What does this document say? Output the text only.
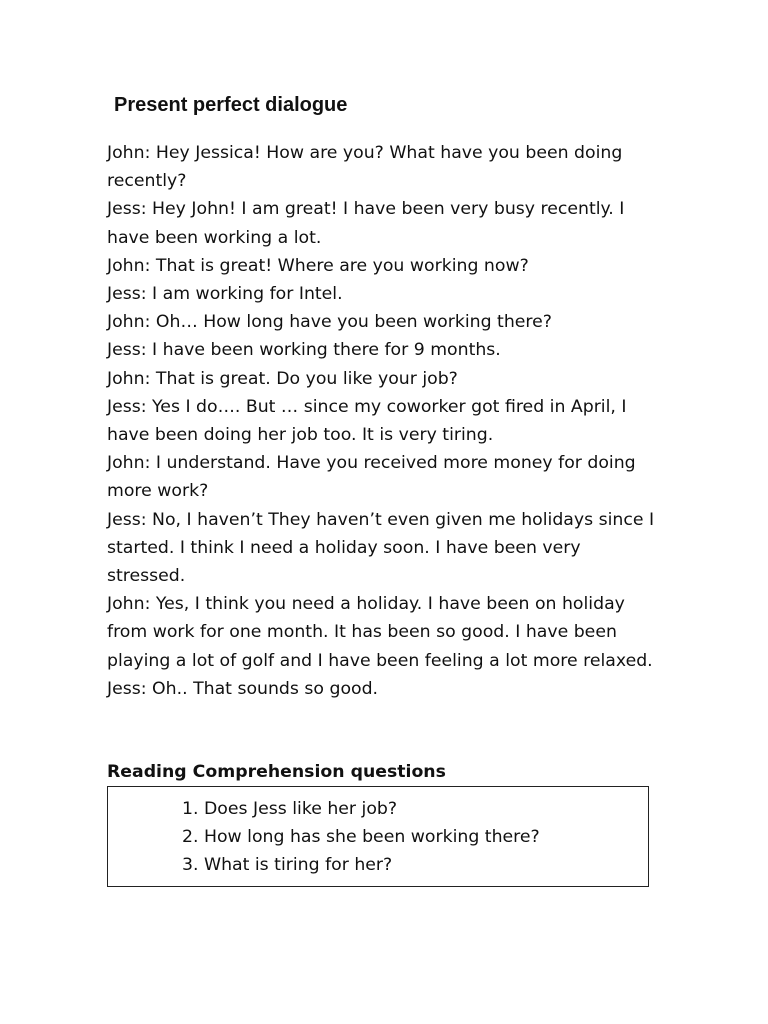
Present perfect dialogue

John: Hey Jessica! How are you? What have you been doing recently?

Jess: Hey John! I am great! I have been very busy recently. I have been working a lot.

John: That is great! Where are you working now?

Jess: I am working for Intel.

John: Oh… How long have you been working there?

Jess: I have been working there for 9 months.

John: That is great. Do you like your job?

Jess: Yes I do…. But … since my coworker got fired in April, I have been doing her job too. It is very tiring.

John: I understand. Have you received more money for doing more work?

Jess: No, I haven’t They haven’t even given me holidays since I started. I think I need a holiday soon. I have been very stressed.

John: Yes, I think you need a holiday. I have been on holiday from work for one month. It has been so good. I have been playing a lot of golf and I have been feeling a lot more relaxed.

Jess: Oh.. That sounds so good.

Reading Comprehension questions
1. Does Jess like her job?
2. How long has she been working there?
3. What is tiring for her?
